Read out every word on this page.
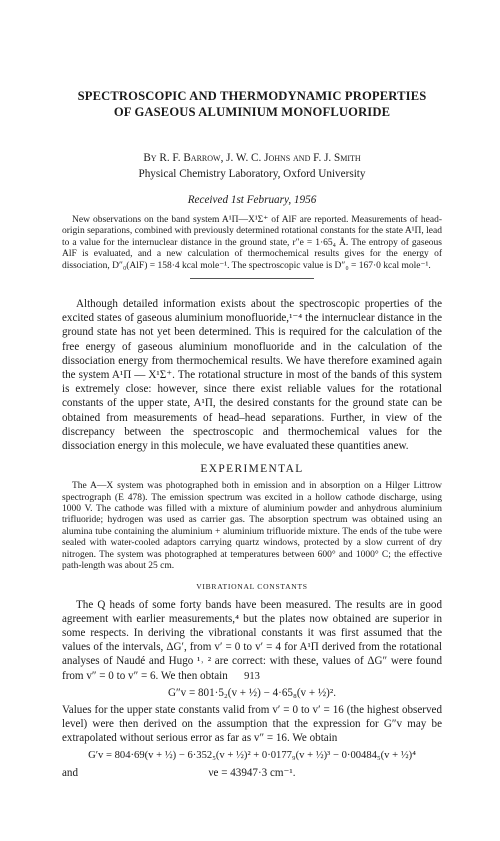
SPECTROSCOPIC AND THERMODYNAMIC PROPERTIES
OF GASEOUS ALUMINIUM MONOFLUORIDE
By R. F. Barrow, J. W. C. Johns and F. J. Smith
Physical Chemistry Laboratory, Oxford University
Received 1st February, 1956

New observations on the band system A¹Π—X¹Σ⁺ of AlF are reported. Measurements of head-origin separations, combined with previously determined rotational constants for the state A¹Π, lead to a value for the internuclear distance in the ground state, r″e = 1·65₄ Å. The entropy of gaseous AlF is evaluated, and a new calculation of thermochemical results gives for the energy of dissociation, D″₀(AlF) = 158·4 kcal mole⁻¹. The spectroscopic value is D″₀ = 167·0 kcal mole⁻¹.

Although detailed information exists about the spectroscopic properties of the excited states of gaseous aluminium monofluoride,¹⁻⁴ the internuclear distance in the ground state has not yet been determined. This is required for the calculation of the free energy of gaseous aluminium monofluoride and in the calculation of the dissociation energy from thermochemical results. We have therefore examined again the system A¹Π — X¹Σ⁺. The rotational structure in most of the bands of this system is extremely close: however, since there exist reliable values for the rotational constants of the upper state, A¹Π, the desired constants for the ground state can be obtained from measurements of head–head separations. Further, in view of the discrepancy between the spectroscopic and thermochemical values for the dissociation energy in this molecule, we have evaluated these quantities anew.

EXPERIMENTAL

The A—X system was photographed both in emission and in absorption on a Hilger Littrow spectrograph (E 478). The emission spectrum was excited in a hollow cathode discharge, using 1000 V. The cathode was filled with a mixture of aluminium powder and anhydrous aluminium trifluoride; hydrogen was used as carrier gas. The absorption spectrum was obtained using an alumina tube containing the aluminium + aluminium trifluoride mixture. The ends of the tube were sealed with water-cooled adaptors carrying quartz windows, protected by a slow current of dry nitrogen. The system was photographed at temperatures between 600° and 1000° C; the effective path-length was about 25 cm.

VIBRATIONAL CONSTANTS

The Q heads of some forty bands have been measured. The results are in good agreement with earlier measurements,⁴ but the plates now obtained are superior in some respects. In deriving the vibrational constants it was first assumed that the values of the intervals, ΔG′, from v′ = 0 to v′ = 4 for A¹Π derived from the rotational analyses of Naudé and Hugo ¹˒ ² are correct: with these, values of ΔG″ were found from v″ = 0 to v″ = 6. We then obtain

G″v = 801·5₂(v + ½) − 4·65₈(v + ½)².

Values for the upper state constants valid from v′ = 0 to v′ = 16 (the highest observed level) were then derived on the assumption that the expression for G″v may be extrapolated without serious error as far as v″ = 16. We obtain

G′v = 804·69(v + ½) − 6·352₅(v + ½)² + 0·0177₉(v + ½)³ − 0·00484₅(v + ½)⁴
and	νe = 43947·3 cm⁻¹.
913
